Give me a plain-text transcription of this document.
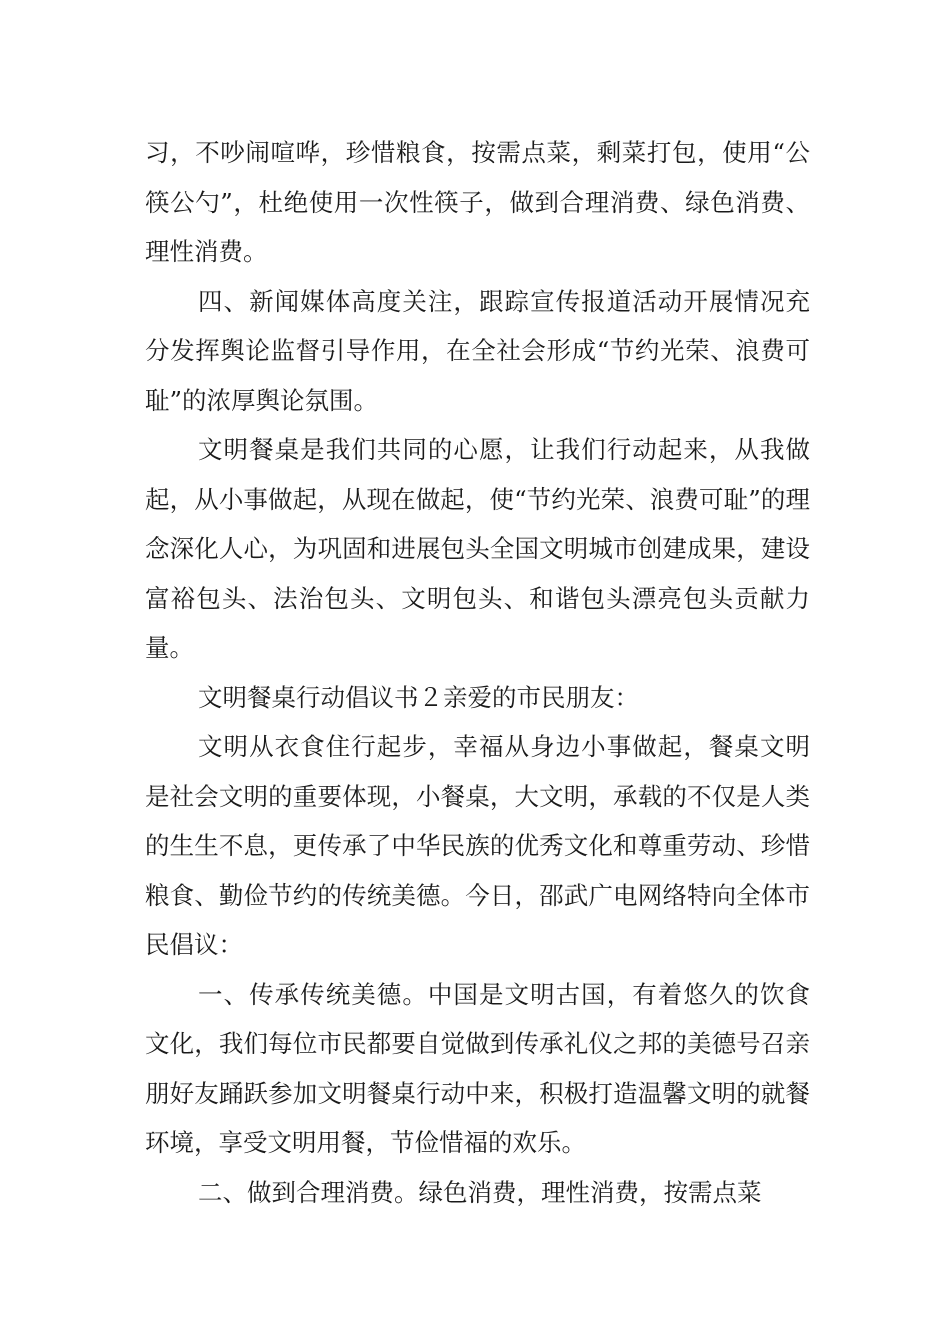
习，不吵闹喧哗，珍惜粮食，按需点菜，剩菜打包，使用“公筷公勺”，杜绝使用一次性筷子，做到合理消费、绿色消费、理性消费。

四、新闻媒体高度关注，跟踪宣传报道活动开展情况充分发挥舆论监督引导作用，在全社会形成“节约光荣、浪费可耻”的浓厚舆论氛围。

文明餐桌是我们共同的心愿，让我们行动起来，从我做起，从小事做起，从现在做起，使“节约光荣、浪费可耻”的理念深化人心，为巩固和进展包头全国文明城市创建成果，建设富裕包头、法治包头、文明包头、和谐包头漂亮包头贡献力量。

文明餐桌行动倡议书２亲爱的市民朋友：

文明从衣食住行起步，幸福从身边小事做起，餐桌文明是社会文明的重要体现，小餐桌，大文明，承载的不仅是人类的生生不息，更传承了中华民族的优秀文化和尊重劳动、珍惜粮食、勤俭节约的传统美德。今日，邵武广电网络特向全体市民倡议：

一、传承传统美德。中国是文明古国，有着悠久的饮食文化，我们每位市民都要自觉做到传承礼仪之邦的美德号召亲朋好友踊跃参加文明餐桌行动中来，积极打造温馨文明的就餐环境，享受文明用餐，节俭惜福的欢乐。

二、做到合理消费。绿色消费，理性消费，按需点菜
